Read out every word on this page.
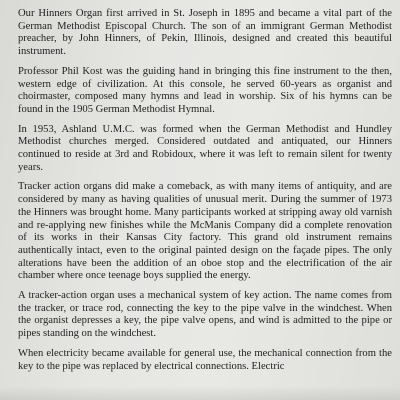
Our Hinners Organ first arrived in St. Joseph in 1895 and became a vital part of the German Methodist Episcopal Church. The son of an immigrant German Methodist preacher, by John Hinners, of Pekin, Illinois, designed and created this beautiful instrument.

Professor Phil Kost was the guiding hand in bringing this fine instrument to the then, western edge of civilization. At this console, he served 60-years as organist and choirmaster, composed many hymns and lead in worship. Six of his hymns can be found in the 1905 German Methodist Hymnal.

In 1953, Ashland U.M.C. was formed when the German Methodist and Hundley Methodist churches merged. Considered outdated and antiquated, our Hinners continued to reside at 3rd and Robidoux, where it was left to remain silent for twenty years.

Tracker action organs did make a comeback, as with many items of antiquity, and are considered by many as having qualities of unusual merit. During the summer of 1973 the Hinners was brought home. Many participants worked at stripping away old varnish and re-applying new finishes while the McManis Company did a complete renovation of its works in their Kansas City factory. This grand old instrument remains authentically intact, even to the original painted design on the façade pipes. The only alterations have been the addition of an oboe stop and the electrification of the air chamber where once teenage boys supplied the energy.

A tracker-action organ uses a mechanical system of key action. The name comes from the tracker, or trace rod, connecting the key to the pipe valve in the windchest. When the organist depresses a key, the pipe valve opens, and wind is admitted to the pipe or pipes standing on the windchest.

When electricity became available for general use, the mechanical connection from the key to the pipe was replaced by electrical connections. Electric
